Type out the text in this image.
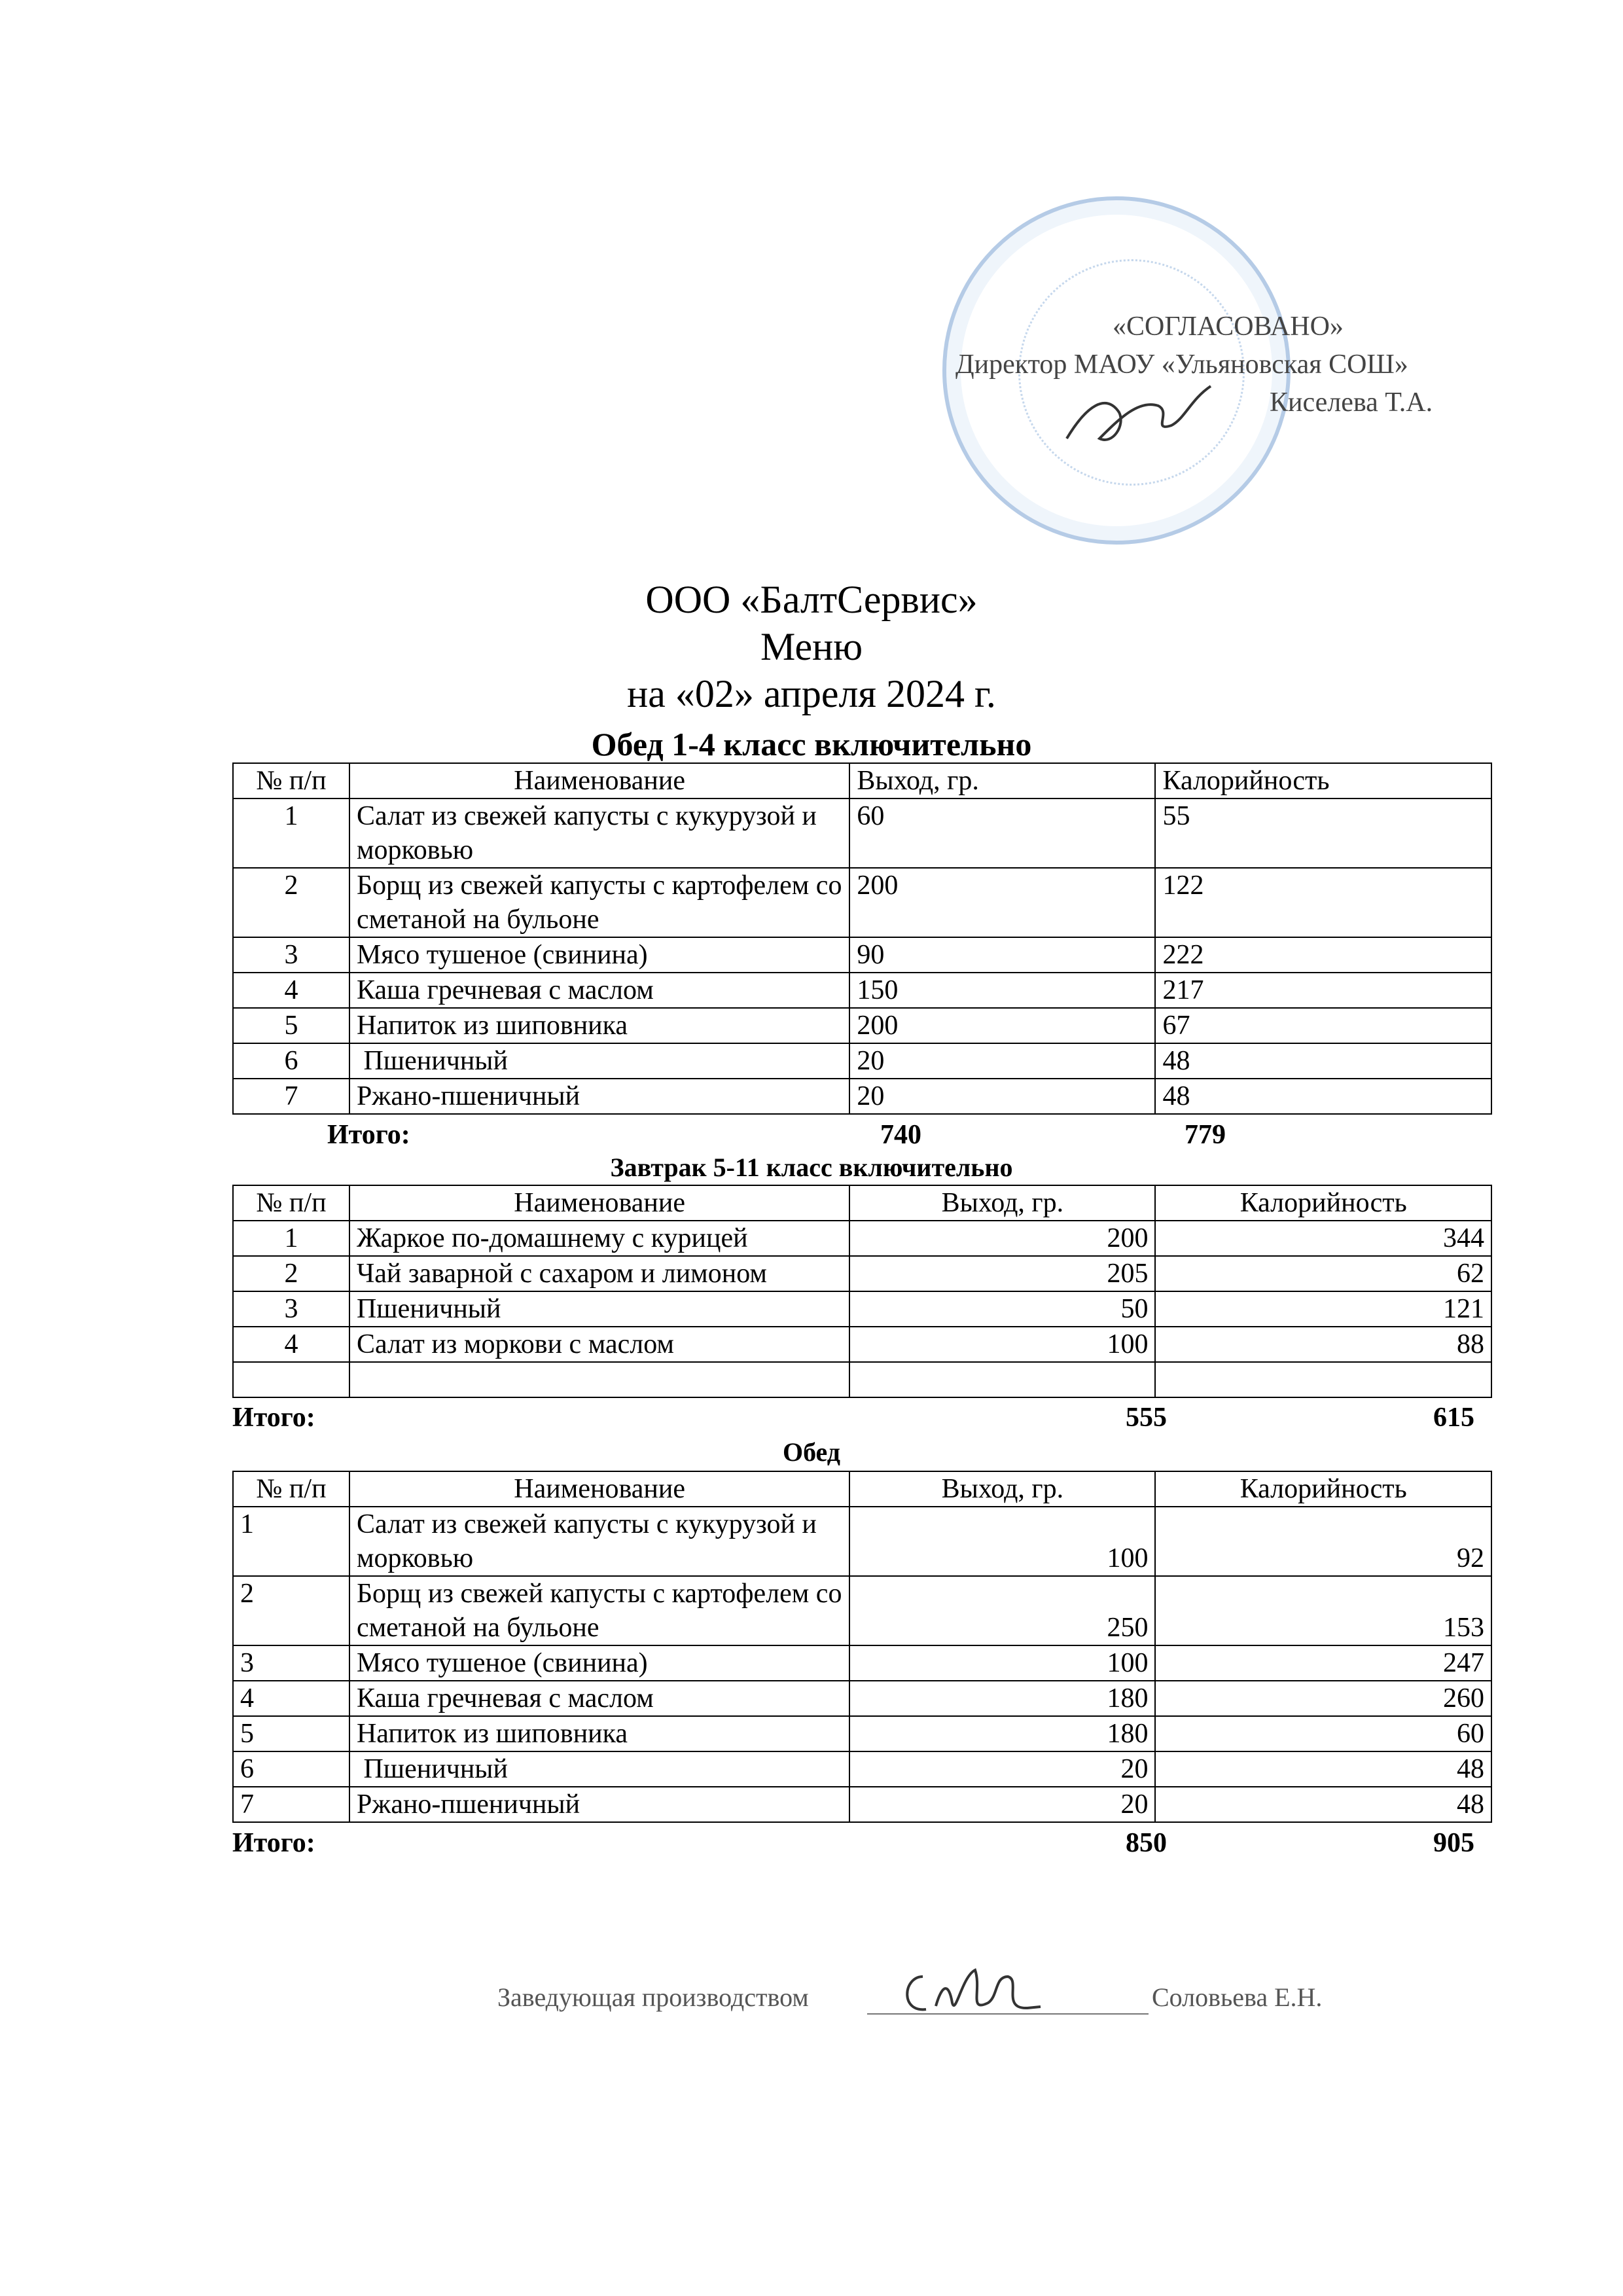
«СОГЛАСОВАНО»
Директор МАОУ «Ульяновская СОШ»
Киселева Т.А.
ООО «БалтСервис»
Меню
на «02» апреля 2024 г.
Обед 1-4 класс включительно
№ п/п	Наименование	Выход, гр.	Калорийность
1	Салат из свежей капусты с кукурузой и морковью	60	55
2	Борщ из свежей капусты с картофелем со сметаной на бульоне	200	122
3	Мясо тушеное (свинина)	90	222
4	Каша гречневая с маслом	150	217
5	Напиток из шиповника	200	67
6	Пшеничный	20	48
7	Ржано-пшеничный	20	48
Итого:	740	779
Завтрак 5-11 класс включительно
№ п/п	Наименование	Выход, гр.	Калорийность
1	Жаркое по-домашнему с курицей	200	344
2	Чай заварной с сахаром и лимоном	205	62
3	Пшеничный	50	121
4	Салат из моркови с маслом	100	88

Итого:	555	615
Обед
№ п/п	Наименование	Выход, гр.	Калорийность
1	Салат из свежей капусты с кукурузой и морковью	100	92
2	Борщ из свежей капусты с картофелем со сметаной на бульоне	250	153
3	Мясо тушеное (свинина)	100	247
4	Каша гречневая с маслом	180	260
5	Напиток из шиповника	180	60
6	Пшеничный	20	48
7	Ржано-пшеничный	20	48
Итого:	850	905
Заведующая производством	Соловьева Е.Н.
